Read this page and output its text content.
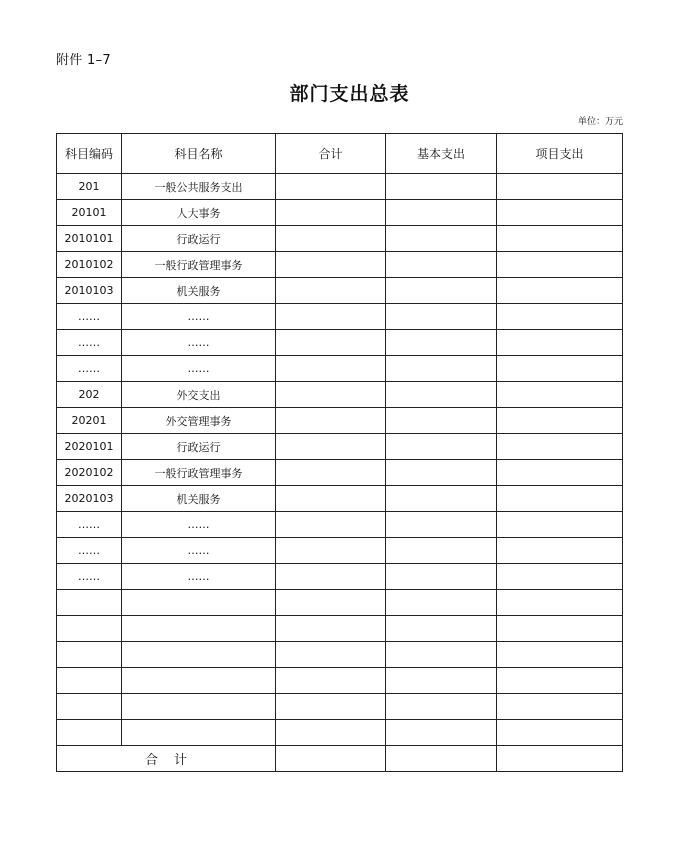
附件 1–7
部门支出总表
单位：万元
科目编码	科目名称	合计	基本支出	项目支出
201	一般公共服务支出			
20101	人大事务			
2010101	行政运行			
2010102	一般行政管理事务			
2010103	机关服务			
……	……			
……	……			
……	……			
202	外交支出			
20201	外交管理事务			
2020101	行政运行			
2020102	一般行政管理事务			
2020103	机关服务			
……	……			
……	……			
……	……			

合 计				
